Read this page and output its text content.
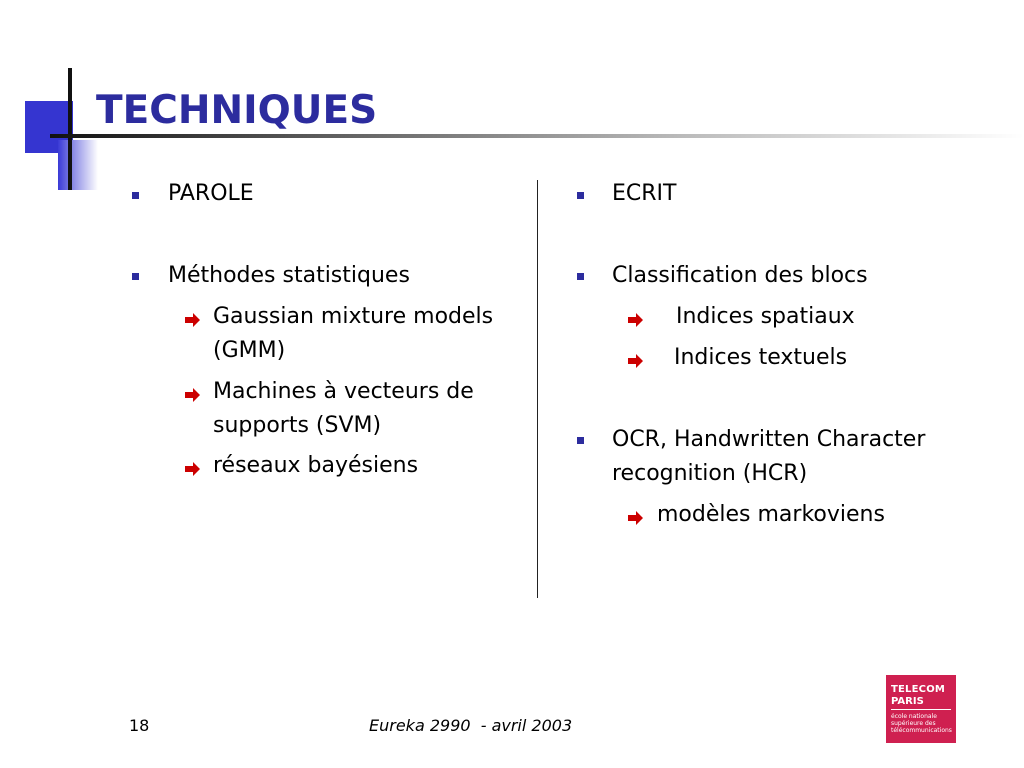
TECHNIQUES
PAROLE
Méthodes statistiques
Gaussian mixture models
(GMM)
Machines à vecteurs de
supports (SVM)
réseaux bayésiens
ECRIT
Classification des blocs
Indices spatiaux
Indices textuels
OCR, Handwritten Character
recognition (HCR)
modèles markoviens
18	Eureka 2990  - avril 2003
TELECOM
PARIS
école nationale supérieure des télécommunications
